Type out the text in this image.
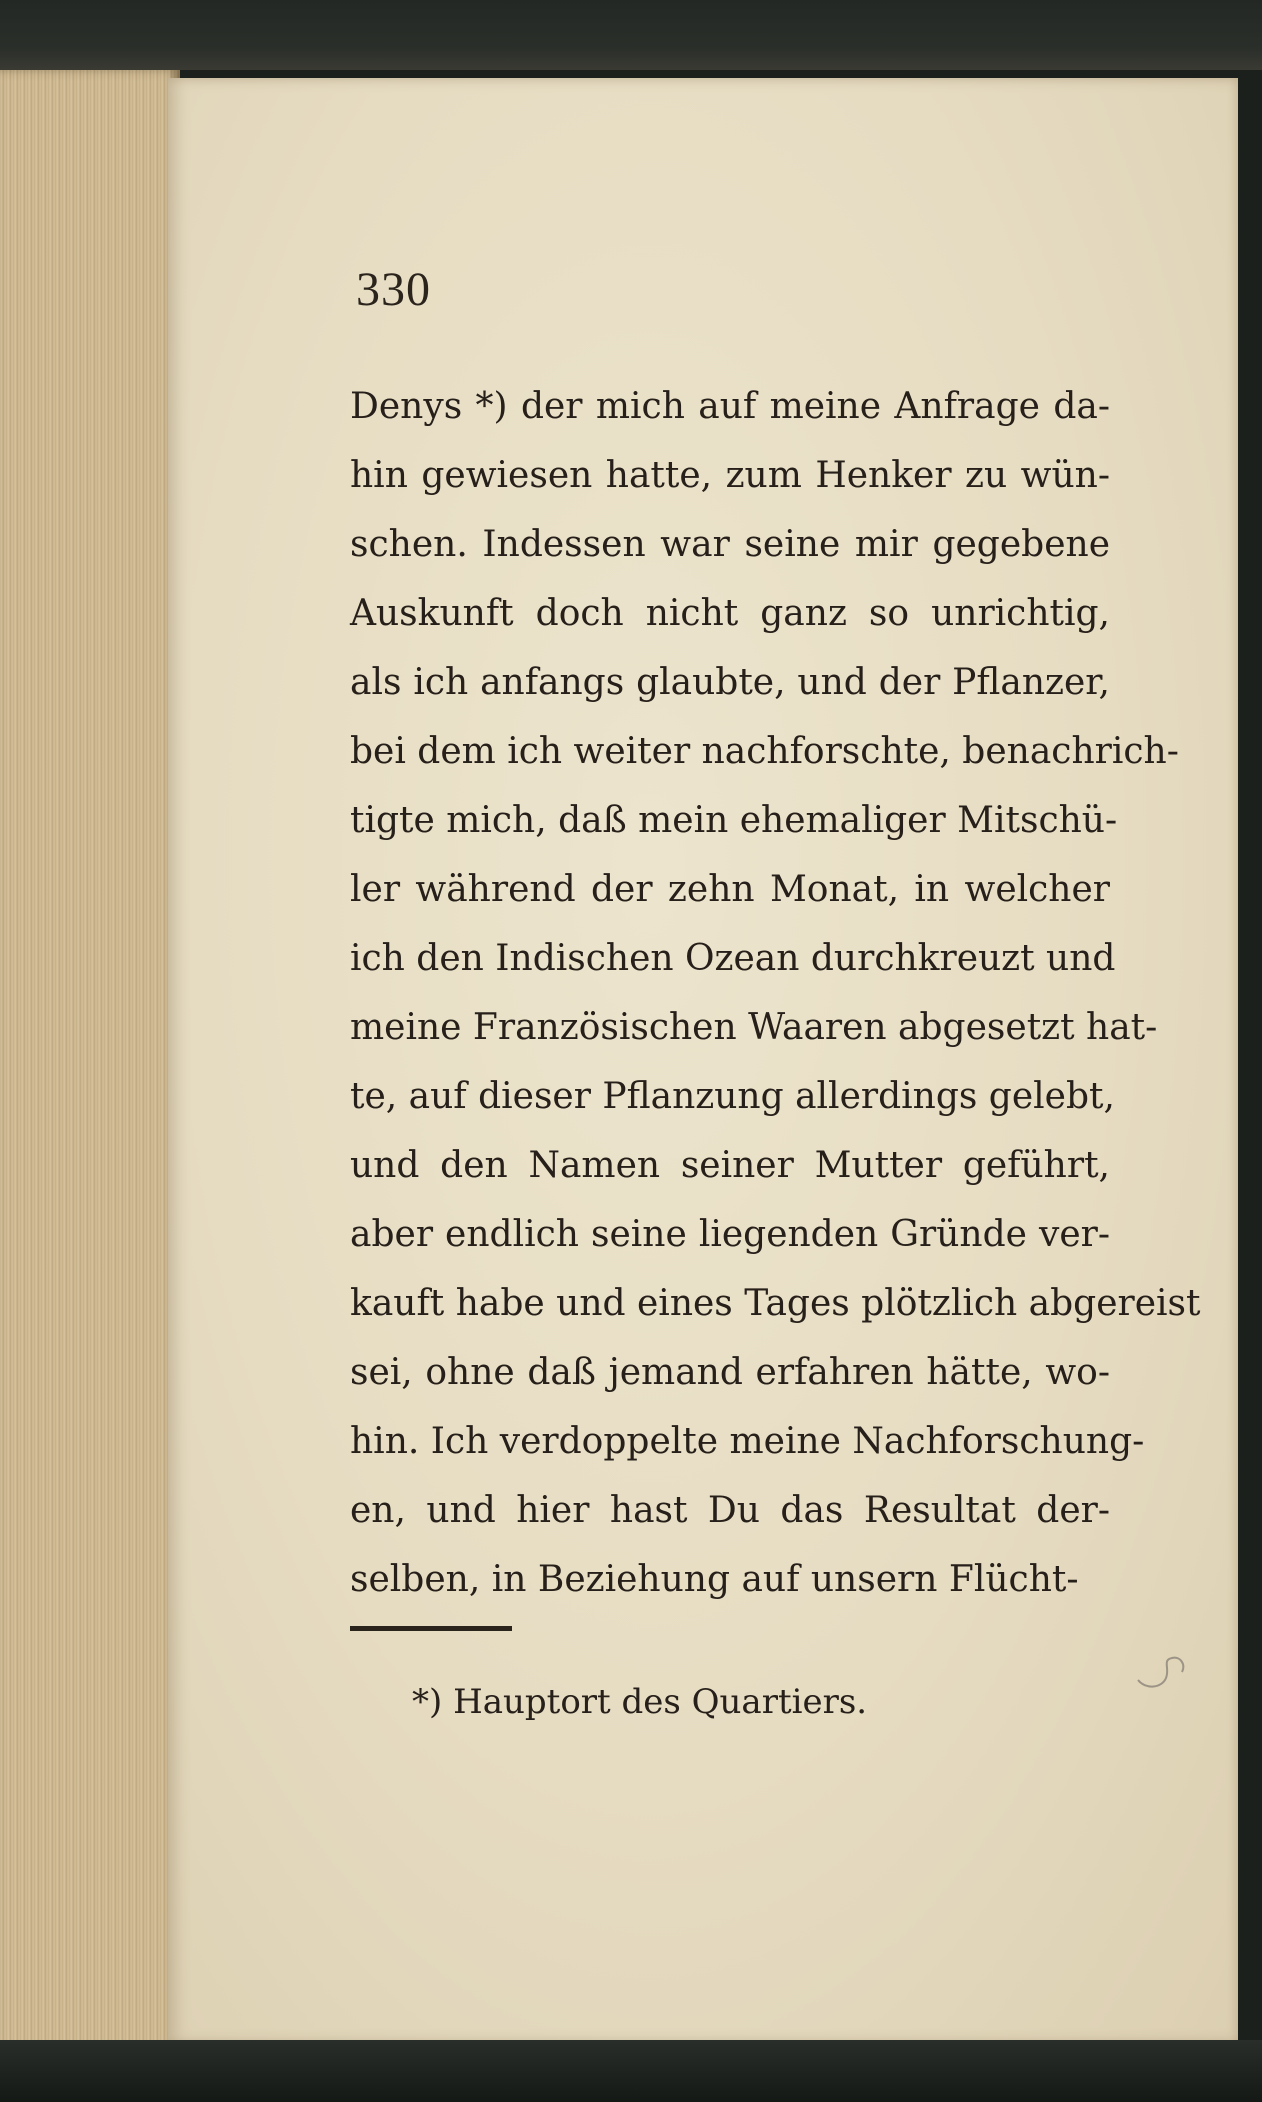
330
Denys *) der mich auf meine Anfrage da-
hin gewiesen hatte, zum Henker zu wün-
schen. Indessen war seine mir gegebene
Auskunft doch nicht ganz so unrichtig,
als ich anfangs glaubte, und der Pflanzer,
bei dem ich weiter nachforschte, benachrich-
tigte mich, daß mein ehemaliger Mitschü-
ler während der zehn Monat, in welcher
ich den Indischen Ozean durchkreuzt und
meine Französischen Waaren abgesetzt hat-
te, auf dieser Pflanzung allerdings gelebt,
und den Namen seiner Mutter geführt,
aber endlich seine liegenden Gründe ver-
kauft habe und eines Tages plötzlich abgereist
sei, ohne daß jemand erfahren hätte, wo-
hin. Ich verdoppelte meine Nachforschung-
en, und hier hast Du das Resultat der-
selben, in Beziehung auf unsern Flücht-
*) Hauptort des Quartiers.
